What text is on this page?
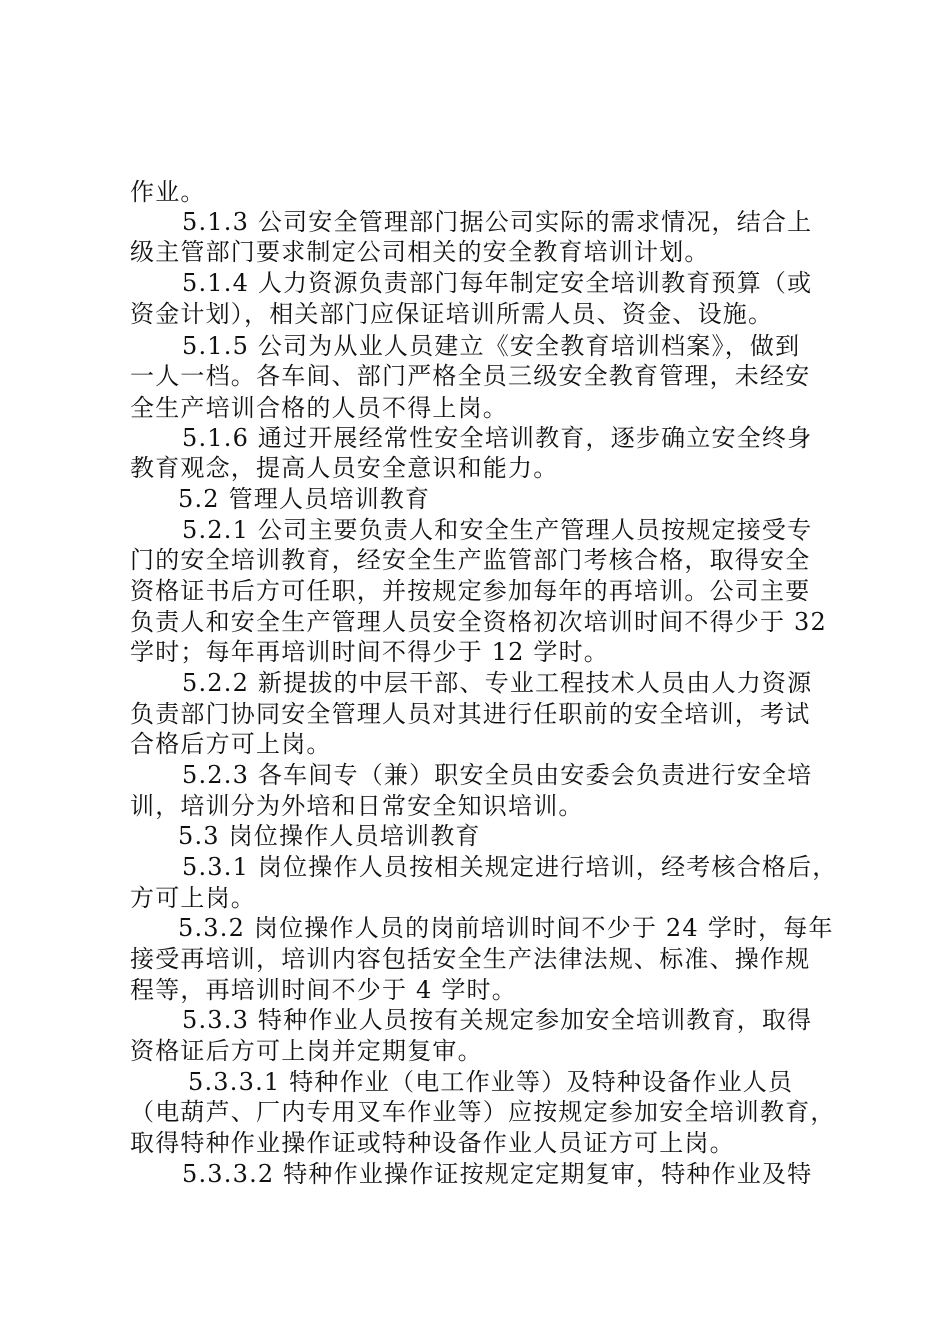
作业。
5.1.3 公司安全管理部门据公司实际的需求情况，结合上
级主管部门要求制定公司相关的安全教育培训计划。
5.1.4 人力资源负责部门每年制定安全培训教育预算（或
资金计划），相关部门应保证培训所需人员、资金、设施。
5.1.5 公司为从业人员建立《安全教育培训档案》，做到
一人一档。各车间、部门严格全员三级安全教育管理，未经安
全生产培训合格的人员不得上岗。
5.1.6 通过开展经常性安全培训教育，逐步确立安全终身
教育观念，提高人员安全意识和能力。
5.2 管理人员培训教育
5.2.1 公司主要负责人和安全生产管理人员按规定接受专
门的安全培训教育，经安全生产监管部门考核合格，取得安全
资格证书后方可任职，并按规定参加每年的再培训。公司主要
负责人和安全生产管理人员安全资格初次培训时间不得少于 32
学时；每年再培训时间不得少于 12 学时。
5.2.2 新提拔的中层干部、专业工程技术人员由人力资源
负责部门协同安全管理人员对其进行任职前的安全培训，考试
合格后方可上岗。
5.2.3 各车间专（兼）职安全员由安委会负责进行安全培
训，培训分为外培和日常安全知识培训。
5.3 岗位操作人员培训教育
5.3.1 岗位操作人员按相关规定进行培训，经考核合格后，
方可上岗。
5.3.2 岗位操作人员的岗前培训时间不少于 24 学时，每年
接受再培训，培训内容包括安全生产法律法规、标准、操作规
程等，再培训时间不少于 4 学时。
5.3.3 特种作业人员按有关规定参加安全培训教育，取得
资格证后方可上岗并定期复审。
5.3.3.1 特种作业（电工作业等）及特种设备作业人员
（电葫芦、厂内专用叉车作业等）应按规定参加安全培训教育，
取得特种作业操作证或特种设备作业人员证方可上岗。
5.3.3.2 特种作业操作证按规定定期复审，特种作业及特
